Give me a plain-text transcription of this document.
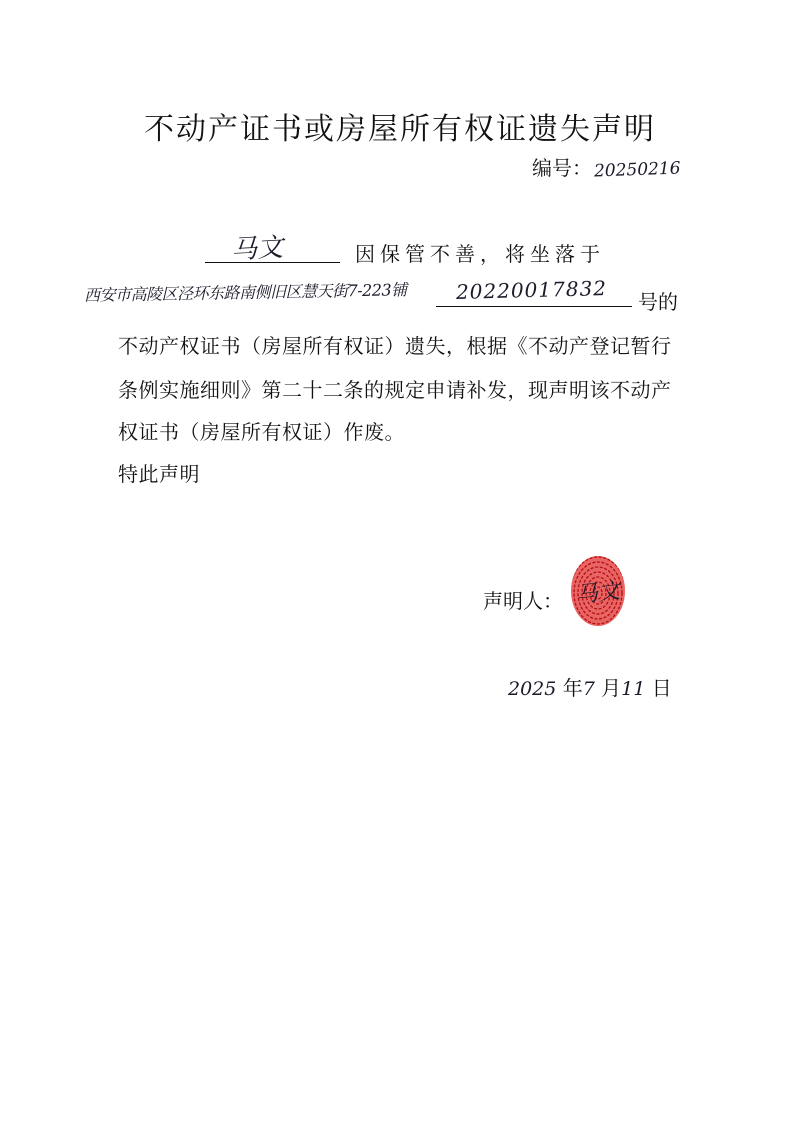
不动产证书或房屋所有权证遗失声明
编号：20250216
马文	因保管不善，将坐落于
西安市高陵区泾环东路南侧旧区慧天街7-223铺 20220017832 号的
不动产权证书（房屋所有权证）遗失，根据《不动产登记暂行
条例实施细则》第二十二条的规定申请补发，现声明该不动产
权证书（房屋所有权证）作废。
特此声明
声明人： 马文
2025 年7 月11 日
